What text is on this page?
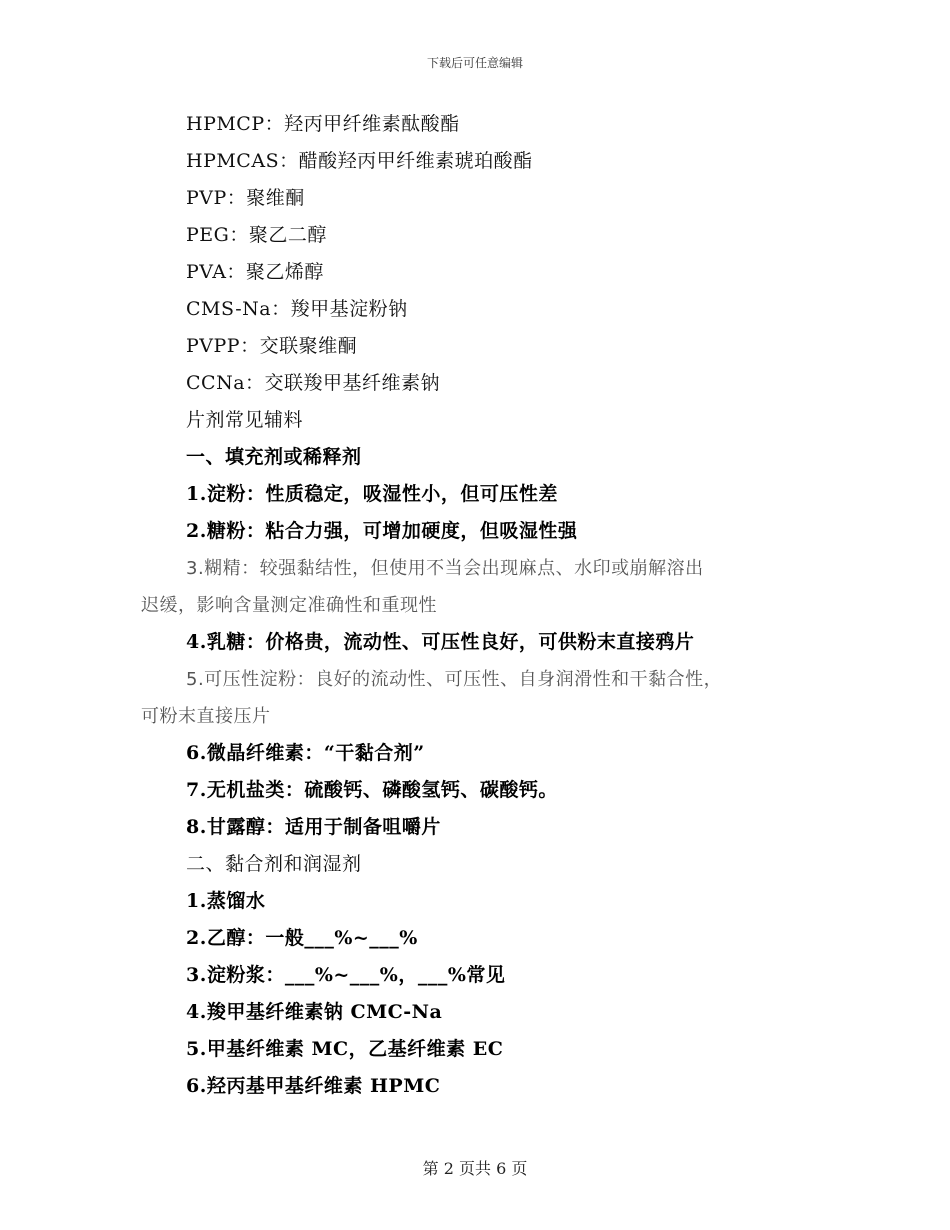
下载后可任意编辑
HPMCP：羟丙甲纤维素酞酸酯
HPMCAS：醋酸羟丙甲纤维素琥珀酸酯
PVP：聚维酮
PEG：聚乙二醇
PVA：聚乙烯醇
CMS-Na：羧甲基淀粉钠
PVPP：交联聚维酮
CCNa：交联羧甲基纤维素钠
片剂常见辅料
一、填充剂或稀释剂
1.淀粉：性质稳定，吸湿性小，但可压性差
2.糖粉：粘合力强，可增加硬度，但吸湿性强
3.糊精：较强黏结性，但使用不当会出现麻点、水印或崩解溶出
迟缓，影响含量测定准确性和重现性
4.乳糖：价格贵，流动性、可压性良好，可供粉末直接鸦片
5.可压性淀粉：良好的流动性、可压性、自身润滑性和干黏合性，
可粉末直接压片
6.微晶纤维素：“干黏合剂”
7.无机盐类：硫酸钙、磷酸氢钙、碳酸钙。
8.甘露醇：适用于制备咀嚼片
二、黏合剂和润湿剂
1.蒸馏水
2.乙醇：一般___%~___%
3.淀粉浆：___%~___%，___%常见
4.羧甲基纤维素钠 CMC-Na
5.甲基纤维素 MC，乙基纤维素 EC
6.羟丙基甲基纤维素 HPMC
第 2 页共 6 页
